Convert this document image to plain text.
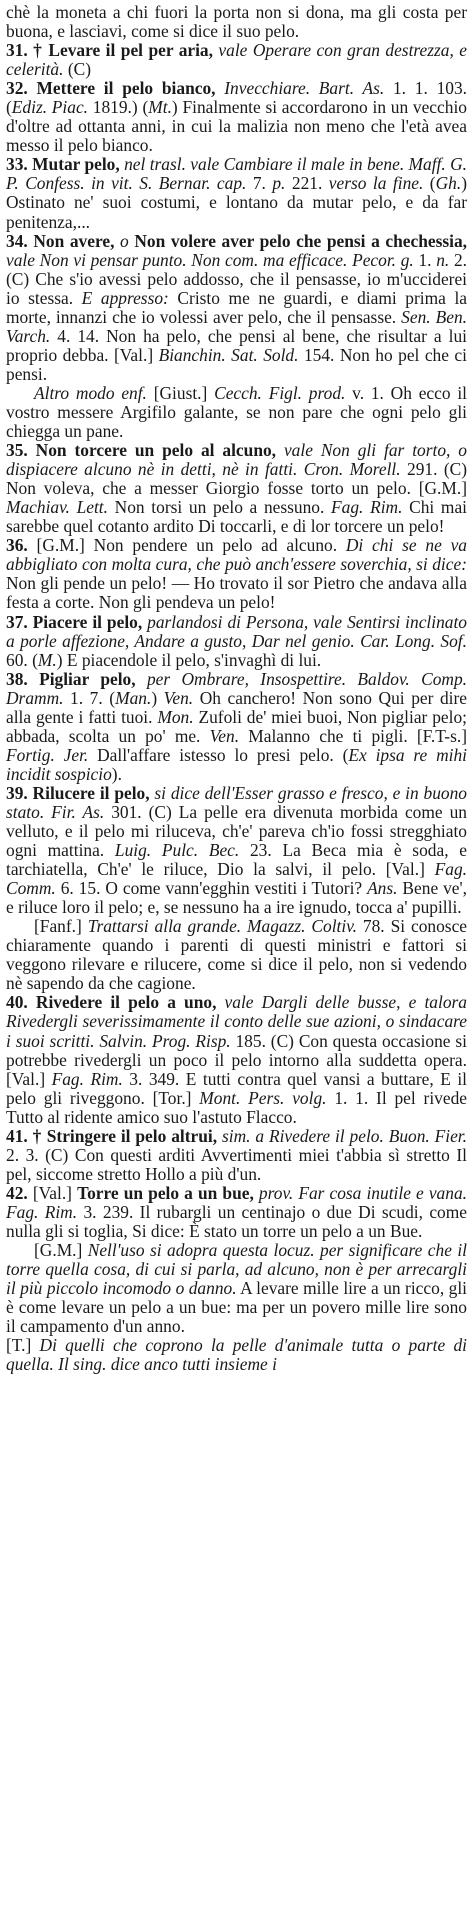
chè la moneta a chi fuori la porta non si dona, ma gli costa per buona, e lasciavi, come si dice il suo pelo.

31. † Levare il pel per aria, vale Operare con gran destrezza, e celerità. (C)

32. Mettere il pelo bianco, Invecchiare. Bart. As. 1. 1. 103. (Ediz. Piac. 1819.) (Mt.) Finalmente si accordarono in un vecchio d'oltre ad ottanta anni, in cui la malizia non meno che l'età avea messo il pelo bianco.

33. Mutar pelo, nel trasl. vale Cambiare il male in bene. Maff. G. P. Confess. in vit. S. Bernar. cap. 7. p. 221. verso la fine. (Gh.) Ostinato ne' suoi costumi, e lontano da mutar pelo, e da far penitenza,...

34. Non avere, o Non volere aver pelo che pensi a chechessia, vale Non vi pensar punto. Non com. ma efficace. Pecor. g. 1. n. 2. (C) Che s'io avessi pelo addosso, che il pensasse, io m'ucciderei io stessa. E appresso: Cristo me ne guardi, e diami prima la morte, innanzi che io volessi aver pelo, che il pensasse. Sen. Ben. Varch. 4. 14. Non ha pelo, che pensi al bene, che risultar a lui proprio debba. [Val.] Bianchin. Sat. Sold. 154. Non ho pel che ci pensi.

Altro modo enf. [Giust.] Cecch. Figl. prod. v. 1. Oh ecco il vostro messere Argifilo galante, se non pare che ogni pelo gli chiegga un pane.

35. Non torcere un pelo al alcuno, vale Non gli far torto, o dispiacere alcuno nè in detti, nè in fatti. Cron. Morell. 291. (C) Non voleva, che a messer Giorgio fosse torto un pelo. [G.M.] Machiav. Lett. Non torsi un pelo a nessuno. Fag. Rim. Chi mai sarebbe quel cotanto ardito Di toccarli, e di lor torcere un pelo!

36. [G.M.] Non pendere un pelo ad alcuno. Di chi se ne va abbigliato con molta cura, che può anch'essere soverchia, si dice: Non gli pende un pelo! — Ho trovato il sor Pietro che andava alla festa a corte. Non gli pendeva un pelo!

37. Piacere il pelo, parlandosi di Persona, vale Sentirsi inclinato a porle affezione, Andare a gusto, Dar nel genio. Car. Long. Sof. 60. (M.) E piacendole il pelo, s'invaghì di lui.

38. Pigliar pelo, per Ombrare, Insospettire. Baldov. Comp. Dramm. 1. 7. (Man.) Ven. Oh canchero! Non sono Qui per dire alla gente i fatti tuoi. Mon. Zufoli de' miei buoi, Non pigliar pelo; abbada, scolta un po' me. Ven. Malanno che ti pigli. [F.T-s.] Fortig. Jer. Dall'affare istesso lo presi pelo. (Ex ipsa re mihi incidit sospicio).

39. Rilucere il pelo, si dice dell'Esser grasso e fresco, e in buono stato. Fir. As. 301. (C) La pelle era divenuta morbida come un velluto, e il pelo mi riluceva, ch'e' pareva ch'io fossi stregghiato ogni mattina. Luig. Pulc. Bec. 23. La Beca mia è soda, e tarchiatella, Ch'e' le riluce, Dio la salvi, il pelo. [Val.] Fag. Comm. 6. 15. O come vann'egghin vestiti i Tutori? Ans. Bene ve', e riluce loro il pelo; e, se nessuno ha a ire ignudo, tocca a' pupilli.

[Fanf.] Trattarsi alla grande. Magazz. Coltiv. 78. Si conosce chiaramente quando i parenti di questi ministri e fattori si veggono rilevare e rilucere, come si dice il pelo, non si vedendo nè sapendo da che cagione.

40. Rivedere il pelo a uno, vale Dargli delle busse, e talora Rivedergli severissimamente il conto delle sue azioni, o sindacare i suoi scritti. Salvin. Prog. Risp. 185. (C) Con questa occasione si potrebbe rivedergli un poco il pelo intorno alla suddetta opera. [Val.] Fag. Rim. 3. 349. E tutti contra quel vansi a buttare, E il pelo gli riveggono. [Tor.] Mont. Pers. volg. 1. 1. Il pel rivede Tutto al ridente amico suo l'astuto Flacco.

41. † Stringere il pelo altrui, sim. a Rivedere il pelo. Buon. Fier. 2. 3. (C) Con questi arditi Avvertimenti miei t'abbia sì stretto Il pel, siccome stretto Hollo a più d'un.

42. [Val.] Torre un pelo a un bue, prov. Far cosa inutile e vana. Fag. Rim. 3. 239. Il rubargli un centinajo o due Di scudi, come nulla gli si toglia, Si dice: È stato un torre un pelo a un Bue.

[G.M.] Nell'uso si adopra questa locuz. per significare che il torre quella cosa, di cui si parla, ad alcuno, non è per arrecargli il più piccolo incomodo o danno. A levare mille lire a un ricco, gli è come levare un pelo a un bue: ma per un povero mille lire sono il campamento d'un anno.

[T.] Di quelli che coprono la pelle d'animale tutta o parte di quella. Il sing. dice anco tutti insieme i
